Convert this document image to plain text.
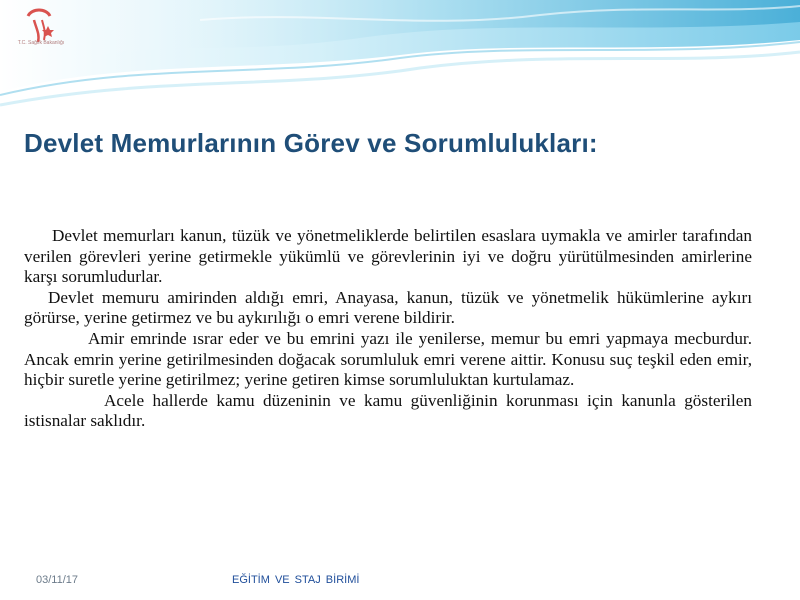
T.C. Sağlık Bakanlığı
Devlet Memurlarının Görev ve Sorumlulukları:

Devlet memurları kanun, tüzük ve yönetmeliklerde belirtilen esaslara uymakla ve amirler tarafından verilen görevleri yerine getirmekle yükümlü ve görevlerinin iyi ve doğru yürütülmesinden amirlerine karşı sorumludurlar.

Devlet memuru amirinden aldığı emri, Anayasa, kanun, tüzük ve yönetmelik hükümlerine aykırı görürse, yerine getirmez ve bu aykırılığı o emri verene bildirir.

Amir emrinde ısrar eder ve bu emrini yazı ile yenilerse, memur bu emri yapmaya mecburdur. Ancak emrin yerine getirilmesinden doğacak sorumluluk emri verene aittir. Konusu suç teşkil eden emir, hiçbir suretle yerine getirilmez; yerine getiren kimse sorumluluktan kurtulamaz.

Acele hallerde kamu düzeninin ve kamu güvenliğinin korunması için kanunla gösterilen istisnalar saklıdır.

03/11/17	EĞİTİM VE STAJ BİRİMİ
